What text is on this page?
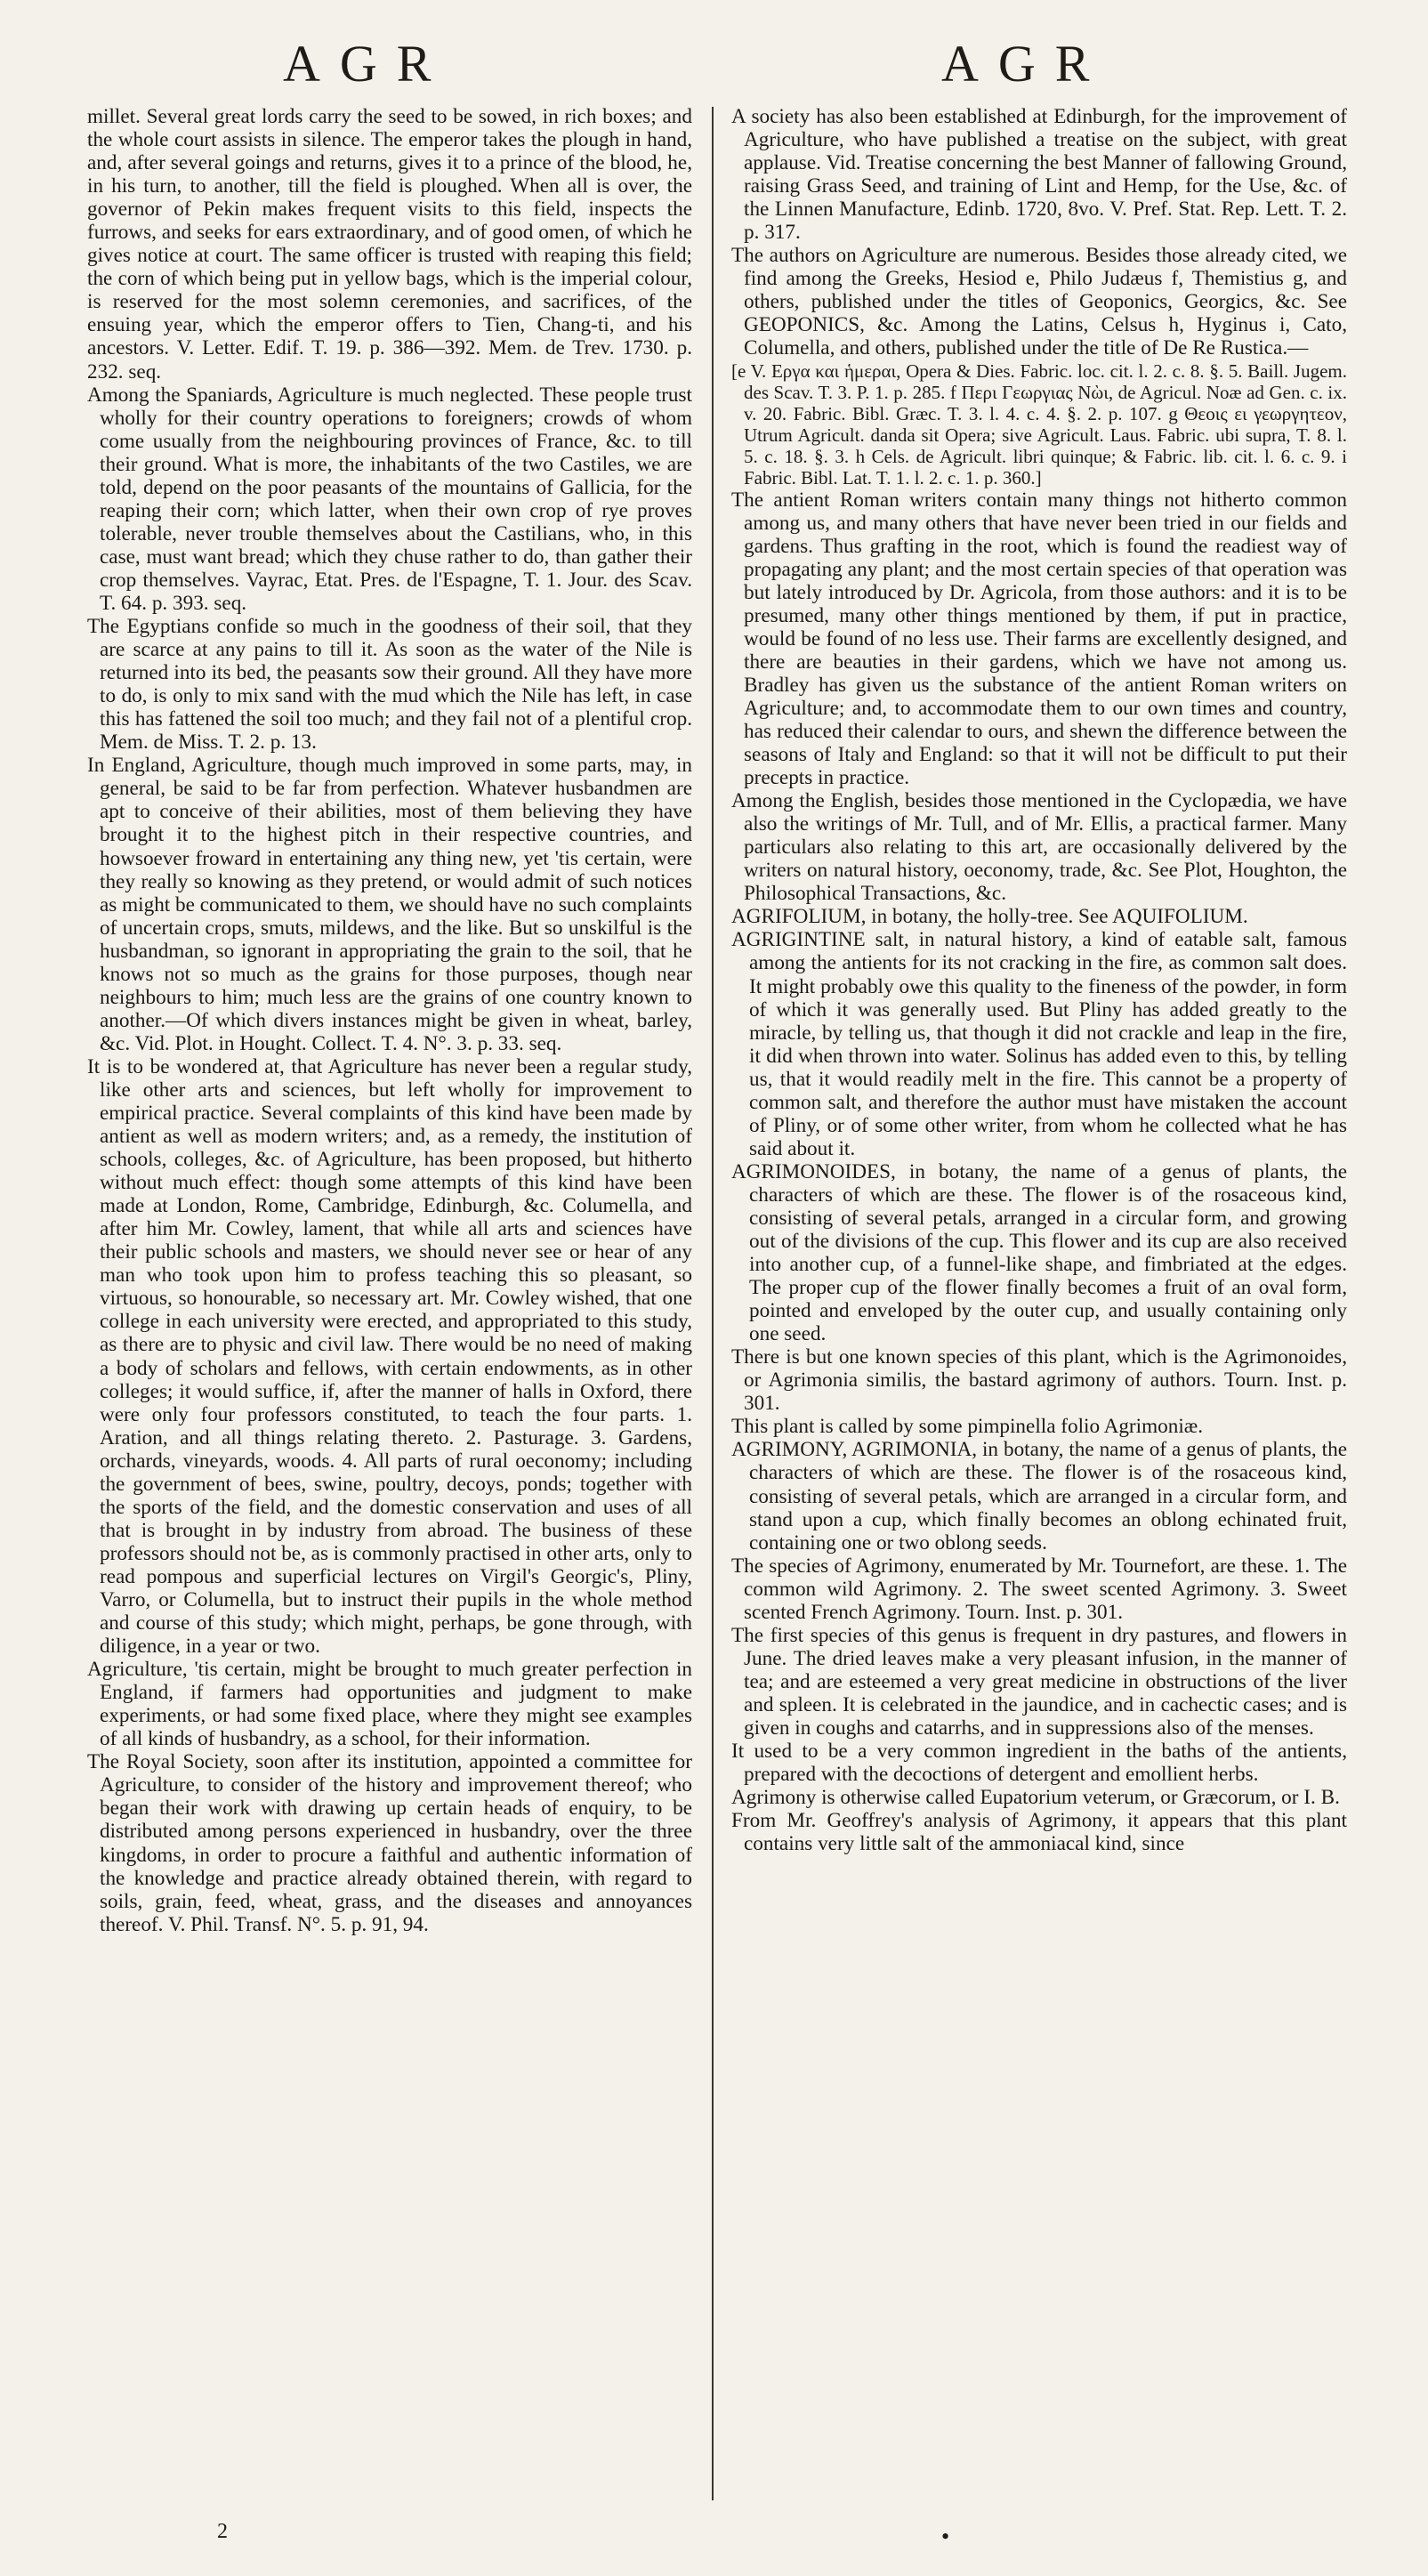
AGR	AGR

millet. Several great lords carry the seed to be sowed, in rich boxes; and the whole court assists in silence. The emperor takes the plough in hand, and, after several goings and returns, gives it to a prince of the blood, he, in his turn, to another, till the field is ploughed. When all is over, the governor of Pekin makes frequent visits to this field, inspects the furrows, and seeks for ears extraordinary, and of good omen, of which he gives notice at court. The same officer is trusted with reaping this field; the corn of which being put in yellow bags, which is the imperial colour, is reserved for the most solemn ceremonies, and sacrifices, of the ensuing year, which the emperor offers to Tien, Chang-ti, and his ancestors. V. Letter. Edif. T. 19. p. 386—392. Mem. de Trev. 1730. p. 232. seq.

Among the Spaniards, Agriculture is much neglected. These people trust wholly for their country operations to foreigners; crowds of whom come usually from the neighbouring provinces of France, &c. to till their ground. What is more, the inhabitants of the two Castiles, we are told, depend on the poor peasants of the mountains of Gallicia, for the reaping their corn; which latter, when their own crop of rye proves tolerable, never trouble themselves about the Castilians, who, in this case, must want bread; which they chuse rather to do, than gather their crop themselves. Vayrac, Etat. Pres. de l'Espagne, T. 1. Jour. des Scav. T. 64. p. 393. seq.

The Egyptians confide so much in the goodness of their soil, that they are scarce at any pains to till it. As soon as the water of the Nile is returned into its bed, the peasants sow their ground. All they have more to do, is only to mix sand with the mud which the Nile has left, in case this has fattened the soil too much; and they fail not of a plentiful crop. Mem. de Miss. T. 2. p. 13.

In England, Agriculture, though much improved in some parts, may, in general, be said to be far from perfection. Whatever husbandmen are apt to conceive of their abilities, most of them believing they have brought it to the highest pitch in their respective countries, and howsoever froward in entertaining any thing new, yet 'tis certain, were they really so knowing as they pretend, or would admit of such notices as might be communicated to them, we should have no such complaints of uncertain crops, smuts, mildews, and the like. But so unskilful is the husbandman, so ignorant in appropriating the grain to the soil, that he knows not so much as the grains for those purposes, though near neighbours to him; much less are the grains of one country known to another.—Of which divers instances might be given in wheat, barley, &c. Vid. Plot. in Hought. Collect. T. 4. N°. 3. p. 33. seq.

It is to be wondered at, that Agriculture has never been a regular study, like other arts and sciences, but left wholly for improvement to empirical practice. Several complaints of this kind have been made by antient as well as modern writers; and, as a remedy, the institution of schools, colleges, &c. of Agriculture, has been proposed, but hitherto without much effect: though some attempts of this kind have been made at London, Rome, Cambridge, Edinburgh, &c. Columella, and after him Mr. Cowley, lament, that while all arts and sciences have their public schools and masters, we should never see or hear of any man who took upon him to profess teaching this so pleasant, so virtuous, so honourable, so necessary art. Mr. Cowley wished, that one college in each university were erected, and appropriated to this study, as there are to physic and civil law. There would be no need of making a body of scholars and fellows, with certain endowments, as in other colleges; it would suffice, if, after the manner of halls in Oxford, there were only four professors constituted, to teach the four parts. 1. Aration, and all things relating thereto. 2. Pasturage. 3. Gardens, orchards, vineyards, woods. 4. All parts of rural oeconomy; including the government of bees, swine, poultry, decoys, ponds; together with the sports of the field, and the domestic conservation and uses of all that is brought in by industry from abroad. The business of these professors should not be, as is commonly practised in other arts, only to read pompous and superficial lectures on Virgil's Georgic's, Pliny, Varro, or Columella, but to instruct their pupils in the whole method and course of this study; which might, perhaps, be gone through, with diligence, in a year or two.

Agriculture, 'tis certain, might be brought to much greater perfection in England, if farmers had opportunities and judgment to make experiments, or had some fixed place, where they might see examples of all kinds of husbandry, as a school, for their information.

The Royal Society, soon after its institution, appointed a committee for Agriculture, to consider of the history and improvement thereof; who began their work with drawing up certain heads of enquiry, to be distributed among persons experienced in husbandry, over the three kingdoms, in order to procure a faithful and authentic information of the knowledge and practice already obtained therein, with regard to soils, grain, feed, wheat, grass, and the diseases and annoyances thereof. V. Phil. Transf. N°. 5. p. 91, 94.

A society has also been established at Edinburgh, for the improvement of Agriculture, who have published a treatise on the subject, with great applause. Vid. Treatise concerning the best Manner of fallowing Ground, raising Grass Seed, and training of Lint and Hemp, for the Use, &c. of the Linnen Manufacture, Edinb. 1720, 8vo. V. Pref. Stat. Rep. Lett. T. 2. p. 317.

The authors on Agriculture are numerous. Besides those already cited, we find among the Greeks, Hesiod e, Philo Judæus f, Themistius g, and others, published under the titles of Geoponics, Georgics, &c. See GEOPONICS, &c. Among the Latins, Celsus h, Hyginus i, Cato, Columella, and others, published under the title of De Re Rustica.—

[e V. Εργα και ἡμεραι, Opera & Dies. Fabric. loc. cit. l. 2. c. 8. §. 5. Baill. Jugem. des Scav. T. 3. P. 1. p. 285. f Περι Γεωργιας Νὼι, de Agricul. Noæ ad Gen. c. ix. v. 20. Fabric. Bibl. Græc. T. 3. l. 4. c. 4. §. 2. p. 107. g Θεοις ει γεωργητεον, Utrum Agricult. danda sit Opera; sive Agricult. Laus. Fabric. ubi supra, T. 8. l. 5. c. 18. §. 3. h Cels. de Agricult. libri quinque; & Fabric. lib. cit. l. 6. c. 9. i Fabric. Bibl. Lat. T. 1. l. 2. c. 1. p. 360.]

The antient Roman writers contain many things not hitherto common among us, and many others that have never been tried in our fields and gardens. Thus grafting in the root, which is found the readiest way of propagating any plant; and the most certain species of that operation was but lately introduced by Dr. Agricola, from those authors: and it is to be presumed, many other things mentioned by them, if put in practice, would be found of no less use. Their farms are excellently designed, and there are beauties in their gardens, which we have not among us. Bradley has given us the substance of the antient Roman writers on Agriculture; and, to accommodate them to our own times and country, has reduced their calendar to ours, and shewn the difference between the seasons of Italy and England: so that it will not be difficult to put their precepts in practice.

Among the English, besides those mentioned in the Cyclopædia, we have also the writings of Mr. Tull, and of Mr. Ellis, a practical farmer. Many particulars also relating to this art, are occasionally delivered by the writers on natural history, oeconomy, trade, &c. See Plot, Houghton, the Philosophical Transactions, &c.

AGRIFOLIUM, in botany, the holly-tree. See AQUIFOLIUM.

AGRIGINTINE salt, in natural history, a kind of eatable salt, famous among the antients for its not cracking in the fire, as common salt does. It might probably owe this quality to the fineness of the powder, in form of which it was generally used. But Pliny has added greatly to the miracle, by telling us, that though it did not crackle and leap in the fire, it did when thrown into water. Solinus has added even to this, by telling us, that it would readily melt in the fire. This cannot be a property of common salt, and therefore the author must have mistaken the account of Pliny, or of some other writer, from whom he collected what he has said about it.

AGRIMONOIDES, in botany, the name of a genus of plants, the characters of which are these. The flower is of the rosaceous kind, consisting of several petals, arranged in a circular form, and growing out of the divisions of the cup. This flower and its cup are also received into another cup, of a funnel-like shape, and fimbriated at the edges. The proper cup of the flower finally becomes a fruit of an oval form, pointed and enveloped by the outer cup, and usually containing only one seed.

There is but one known species of this plant, which is the Agrimonoides, or Agrimonia similis, the bastard agrimony of authors. Tourn. Inst. p. 301.

This plant is called by some pimpinella folio Agrimoniæ.

AGRIMONY, AGRIMONIA, in botany, the name of a genus of plants, the characters of which are these. The flower is of the rosaceous kind, consisting of several petals, which are arranged in a circular form, and stand upon a cup, which finally becomes an oblong echinated fruit, containing one or two oblong seeds.

The species of Agrimony, enumerated by Mr. Tournefort, are these. 1. The common wild Agrimony. 2. The sweet scented Agrimony. 3. Sweet scented French Agrimony. Tourn. Inst. p. 301.

The first species of this genus is frequent in dry pastures, and flowers in June. The dried leaves make a very pleasant infusion, in the manner of tea; and are esteemed a very great medicine in obstructions of the liver and spleen. It is celebrated in the jaundice, and in cachectic cases; and is given in coughs and catarrhs, and in suppressions also of the menses.

It used to be a very common ingredient in the baths of the antients, prepared with the decoctions of detergent and emollient herbs.

Agrimony is otherwise called Eupatorium veterum, or Græcorum, or I. B.

From Mr. Geoffrey's analysis of Agrimony, it appears that this plant contains very little salt of the ammoniacal kind, since

2	•
